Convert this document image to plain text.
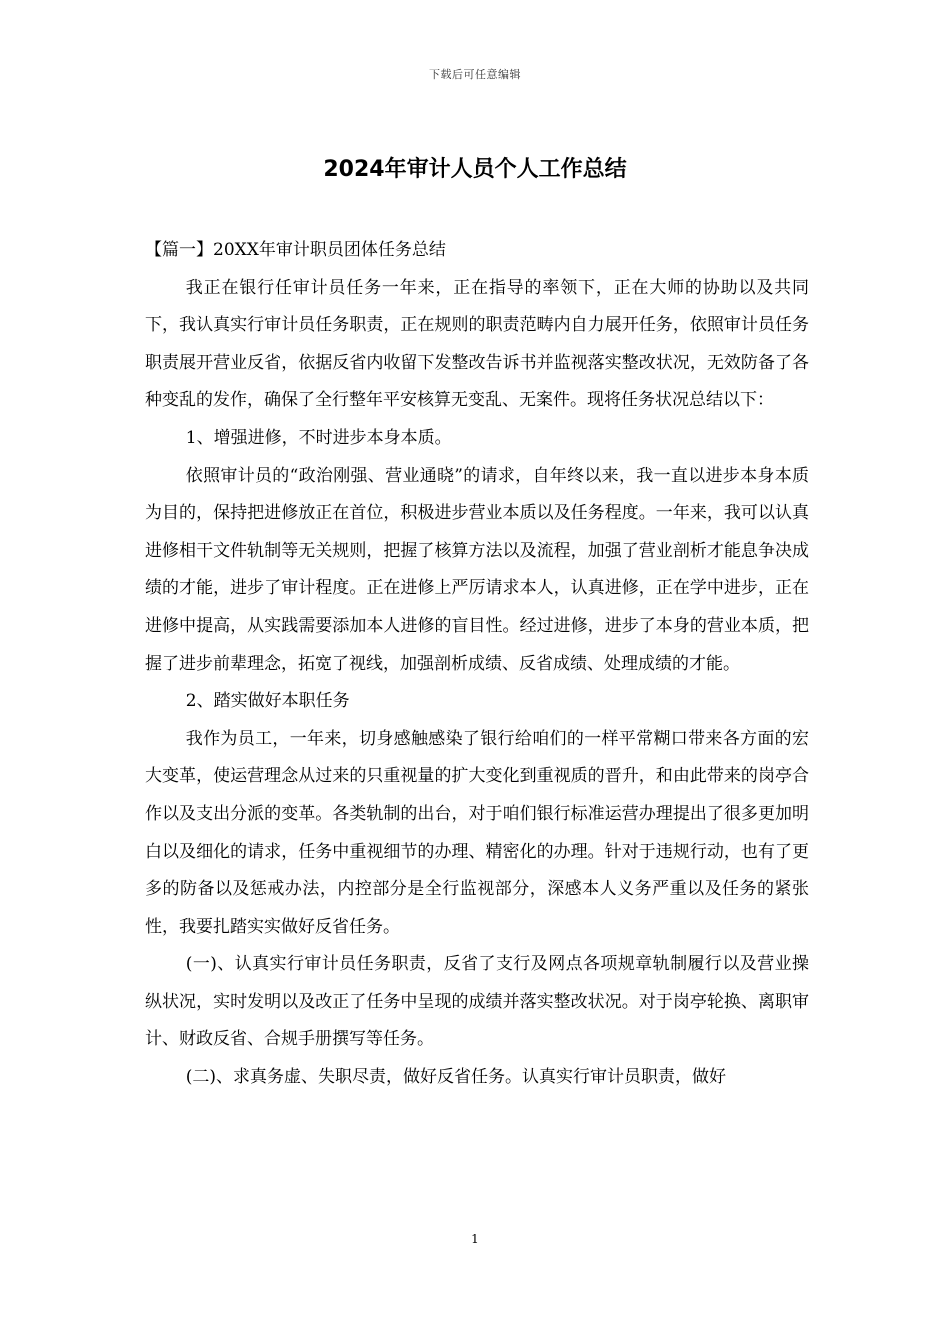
下载后可任意编辑
2024年审计人员个人工作总结

【篇一】20XX年审计职员团体任务总结

我正在银行任审计员任务一年来，正在指导的率领下，正在大师的协助以及共同下，我认真实行审计员任务职责，正在规则的职责范畴内自力展开任务，依照审计员任务职责展开营业反省，依据反省内收留下发整改告诉书并监视落实整改状况，无效防备了各种变乱的发作，确保了全行整年平安核算无变乱、无案件。现将任务状况总结以下：

1、增强进修，不时进步本身本质。

依照审计员的“政治刚强、营业通晓”的请求，自年终以来，我一直以进步本身本质为目的，保持把进修放正在首位，积极进步营业本质以及任务程度。一年来，我可以认真进修相干文件轨制等无关规则，把握了核算方法以及流程，加强了营业剖析才能息争决成绩的才能，进步了审计程度。正在进修上严厉请求本人，认真进修，正在学中进步，正在进修中提高，从实践需要添加本人进修的盲目性。经过进修，进步了本身的营业本质，把握了进步前辈理念，拓宽了视线，加强剖析成绩、反省成绩、处理成绩的才能。

2、踏实做好本职任务

我作为员工，一年来，切身感触感染了银行给咱们的一样平常糊口带来各方面的宏大变革，使运营理念从过来的只重视量的扩大变化到重视质的晋升，和由此带来的岗亭合作以及支出分派的变革。各类轨制的出台，对于咱们银行标准运营办理提出了很多更加明白以及细化的请求，任务中重视细节的办理、精密化的办理。针对于违规行动，也有了更多的防备以及惩戒办法，内控部分是全行监视部分，深感本人义务严重以及任务的紧张性，我要扎踏实实做好反省任务。

(一)、认真实行审计员任务职责，反省了支行及网点各项规章轨制履行以及营业操纵状况，实时发明以及改正了任务中呈现的成绩并落实整改状况。对于岗亭轮换、离职审计、财政反省、合规手册撰写等任务。

(二)、求真务虚、失职尽责，做好反省任务。认真实行审计员职责，做好

1
